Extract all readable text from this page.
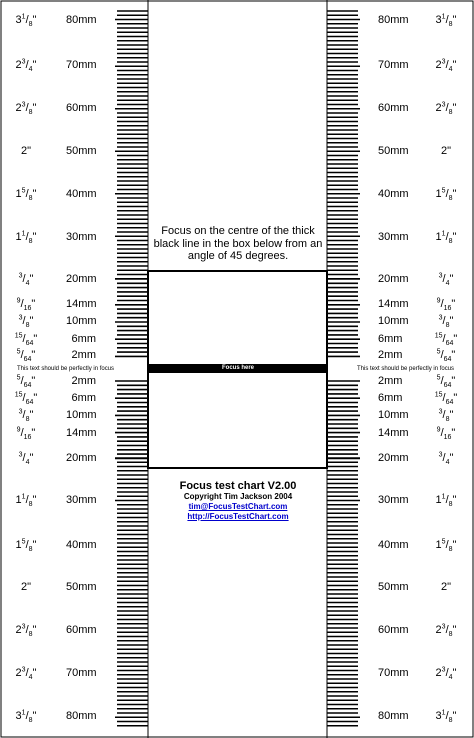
Focus on the centre of the thick black line in the box below from an angle of 45 degrees.
Focus here
This text should be perfectly in focus	This text should be perfectly in focus
Focus test chart V2.00
Copyright Tim Jackson 2004
tim@FocusTestChart.com
http://FocusTestChart.com
80mm
$3^1/_8$"	80mm	$3^1/_8$"
70mm
$2^3/_4$"	70mm	$2^3/_4$"
60mm
$2^3/_8$"	60mm	$2^3/_8$"
50mm
2"	50mm	2"
40mm
$1^5/_8$"	40mm	$1^5/_8$"
30mm
$1^1/_8$"	30mm	$1^1/_8$"
20mm
$^3/_4$"	20mm	$^3/_4$"
14mm
$^9/_{16}$"	14mm	$^9/_{16}$"
10mm
$^3/_8$"	10mm	$^3/_8$"
6mm
$^{15}/_{64}$"	6mm	$^{15}/_{64}$"
2mm
$^5/_{64}$"	2mm	$^5/_{64}$"
2mm
$^5/_{64}$"	2mm	$^5/_{64}$"
6mm
$^{15}/_{64}$"	6mm	$^{15}/_{64}$"
10mm
$^3/_8$"	10mm	$^3/_8$"
14mm
$^9/_{16}$"	14mm	$^9/_{16}$"
20mm
$^3/_4$"	20mm	$^3/_4$"
30mm
$1^1/_8$"	30mm	$1^1/_8$"
40mm
$1^5/_8$"	40mm	$1^5/_8$"
50mm
2"	50mm	2"
60mm
$2^3/_8$"	60mm	$2^3/_8$"
70mm
$2^3/_4$"	70mm	$2^3/_4$"
80mm
$3^1/_8$"	80mm	$3^1/_8$"
